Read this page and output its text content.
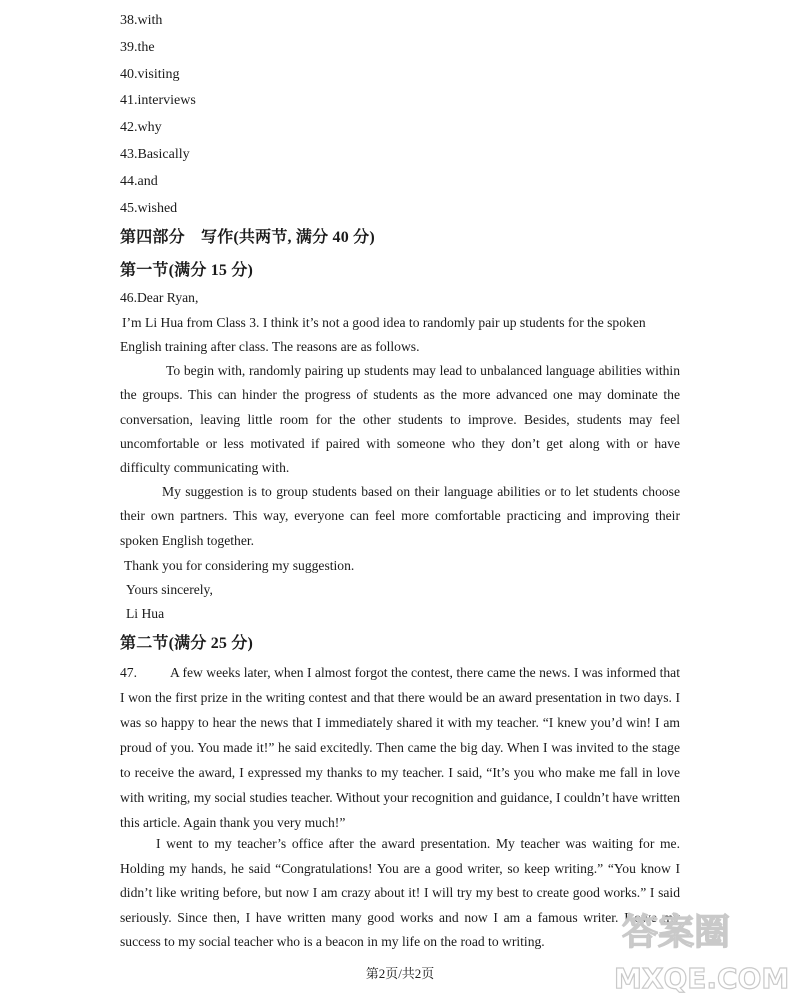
38.with
39.the
40.visiting
41.interviews
42.why
43.Basically
44.and
45.wished
第四部分　写作(共两节, 满分 40 分)
第一节(满分 15 分)
46.Dear Ryan,

I’m Li Hua from Class 3. I think it’s not a good idea to randomly pair up students for the spoken English training after class. The reasons are as follows.

To begin with, randomly pairing up students may lead to unbalanced language abilities within the groups. This can hinder the progress of students as the more advanced one may dominate the conversation, leaving little room for the other students to improve. Besides, students may feel uncomfortable or less motivated if paired with someone who they don’t get along with or have difficulty communicating with.

My suggestion is to group students based on their language abilities or to let students choose their own partners. This way, everyone can feel more comfortable practicing and improving their spoken English together.

Thank you for considering my suggestion.
Yours sincerely,
Li Hua
第二节(满分 25 分)

47. A few weeks later, when I almost forgot the contest, there came the news. I was informed that I won the first prize in the writing contest and that there would be an award presentation in two days. I was so happy to hear the news that I immediately shared it with my teacher. “I knew you’d win! I am proud of you. You made it!” he said excitedly. Then came the big day. When I was invited to the stage to receive the award, I expressed my thanks to my teacher. I said, “It’s you who make me fall in love with writing, my social studies teacher. Without your recognition and guidance, I couldn’t have written this article. Again thank you very much!”

I went to my teacher’s office after the award presentation. My teacher was waiting for me. Holding my hands, he said “Congratulations! You are a good writer, so keep writing.” “You know I didn’t like writing before, but now I am crazy about it! I will try my best to create good works.” I said seriously. Since then, I have written many good works and now I am a famous writer. I owe my success to my social teacher who is a beacon in my life on the road to writing.

第2页/共2页
答案圈
MXQE.COM
